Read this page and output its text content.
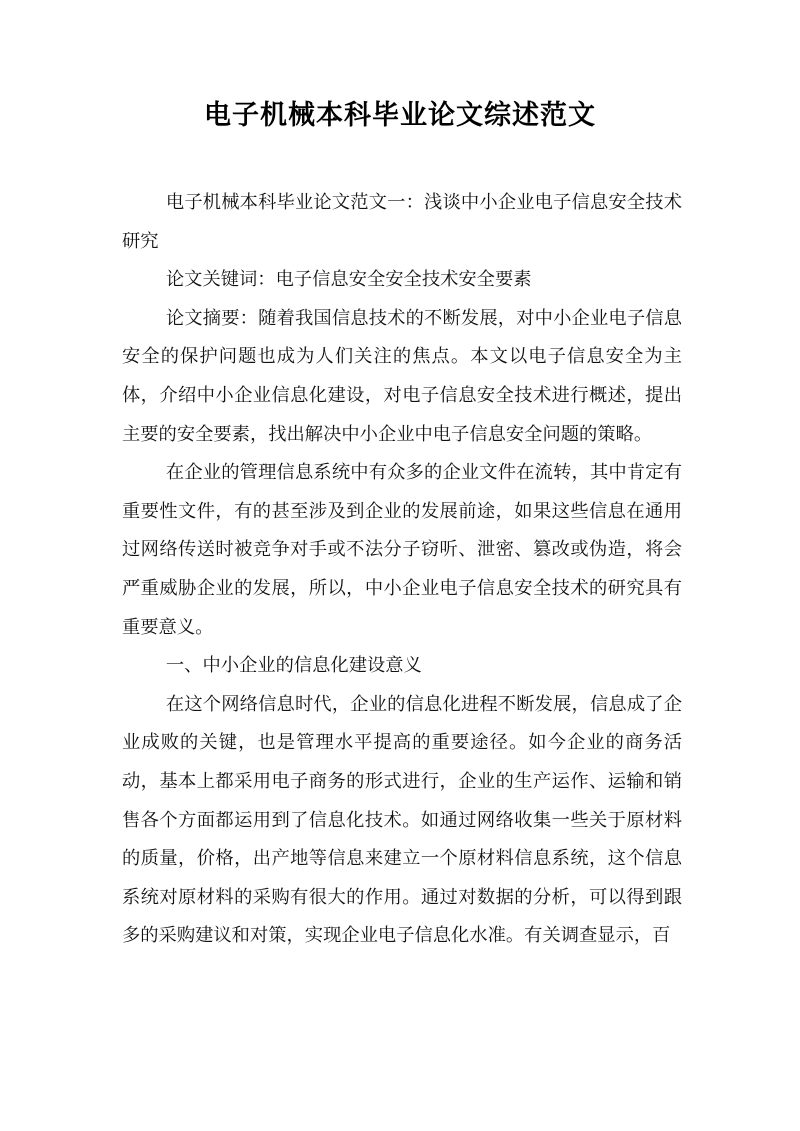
电子机械本科毕业论文综述范文

电子机械本科毕业论文范文一：浅谈中小企业电子信息安全技术研究

论文关键词：电子信息安全安全技术安全要素

论文摘要：随着我国信息技术的不断发展，对中小企业电子信息安全的保护问题也成为人们关注的焦点。本文以电子信息安全为主体，介绍中小企业信息化建设，对电子信息安全技术进行概述，提出主要的安全要素，找出解决中小企业中电子信息安全问题的策略。

在企业的管理信息系统中有众多的企业文件在流转，其中肯定有重要性文件，有的甚至涉及到企业的发展前途，如果这些信息在通用过网络传送时被竞争对手或不法分子窃听、泄密、篡改或伪造，将会严重威胁企业的发展，所以，中小企业电子信息安全技术的研究具有重要意义。

一、中小企业的信息化建设意义

在这个网络信息时代，企业的信息化进程不断发展，信息成了企业成败的关键，也是管理水平提高的重要途径。如今企业的商务活动，基本上都采用电子商务的形式进行，企业的生产运作、运输和销售各个方面都运用到了信息化技术。如通过网络收集一些关于原材料的质量，价格，出产地等信息来建立一个原材料信息系统，这个信息系统对原材料的采购有很大的作用。通过对数据的分析，可以得到跟多的采购建议和对策，实现企业电子信息化水准。有关调查显示，百
